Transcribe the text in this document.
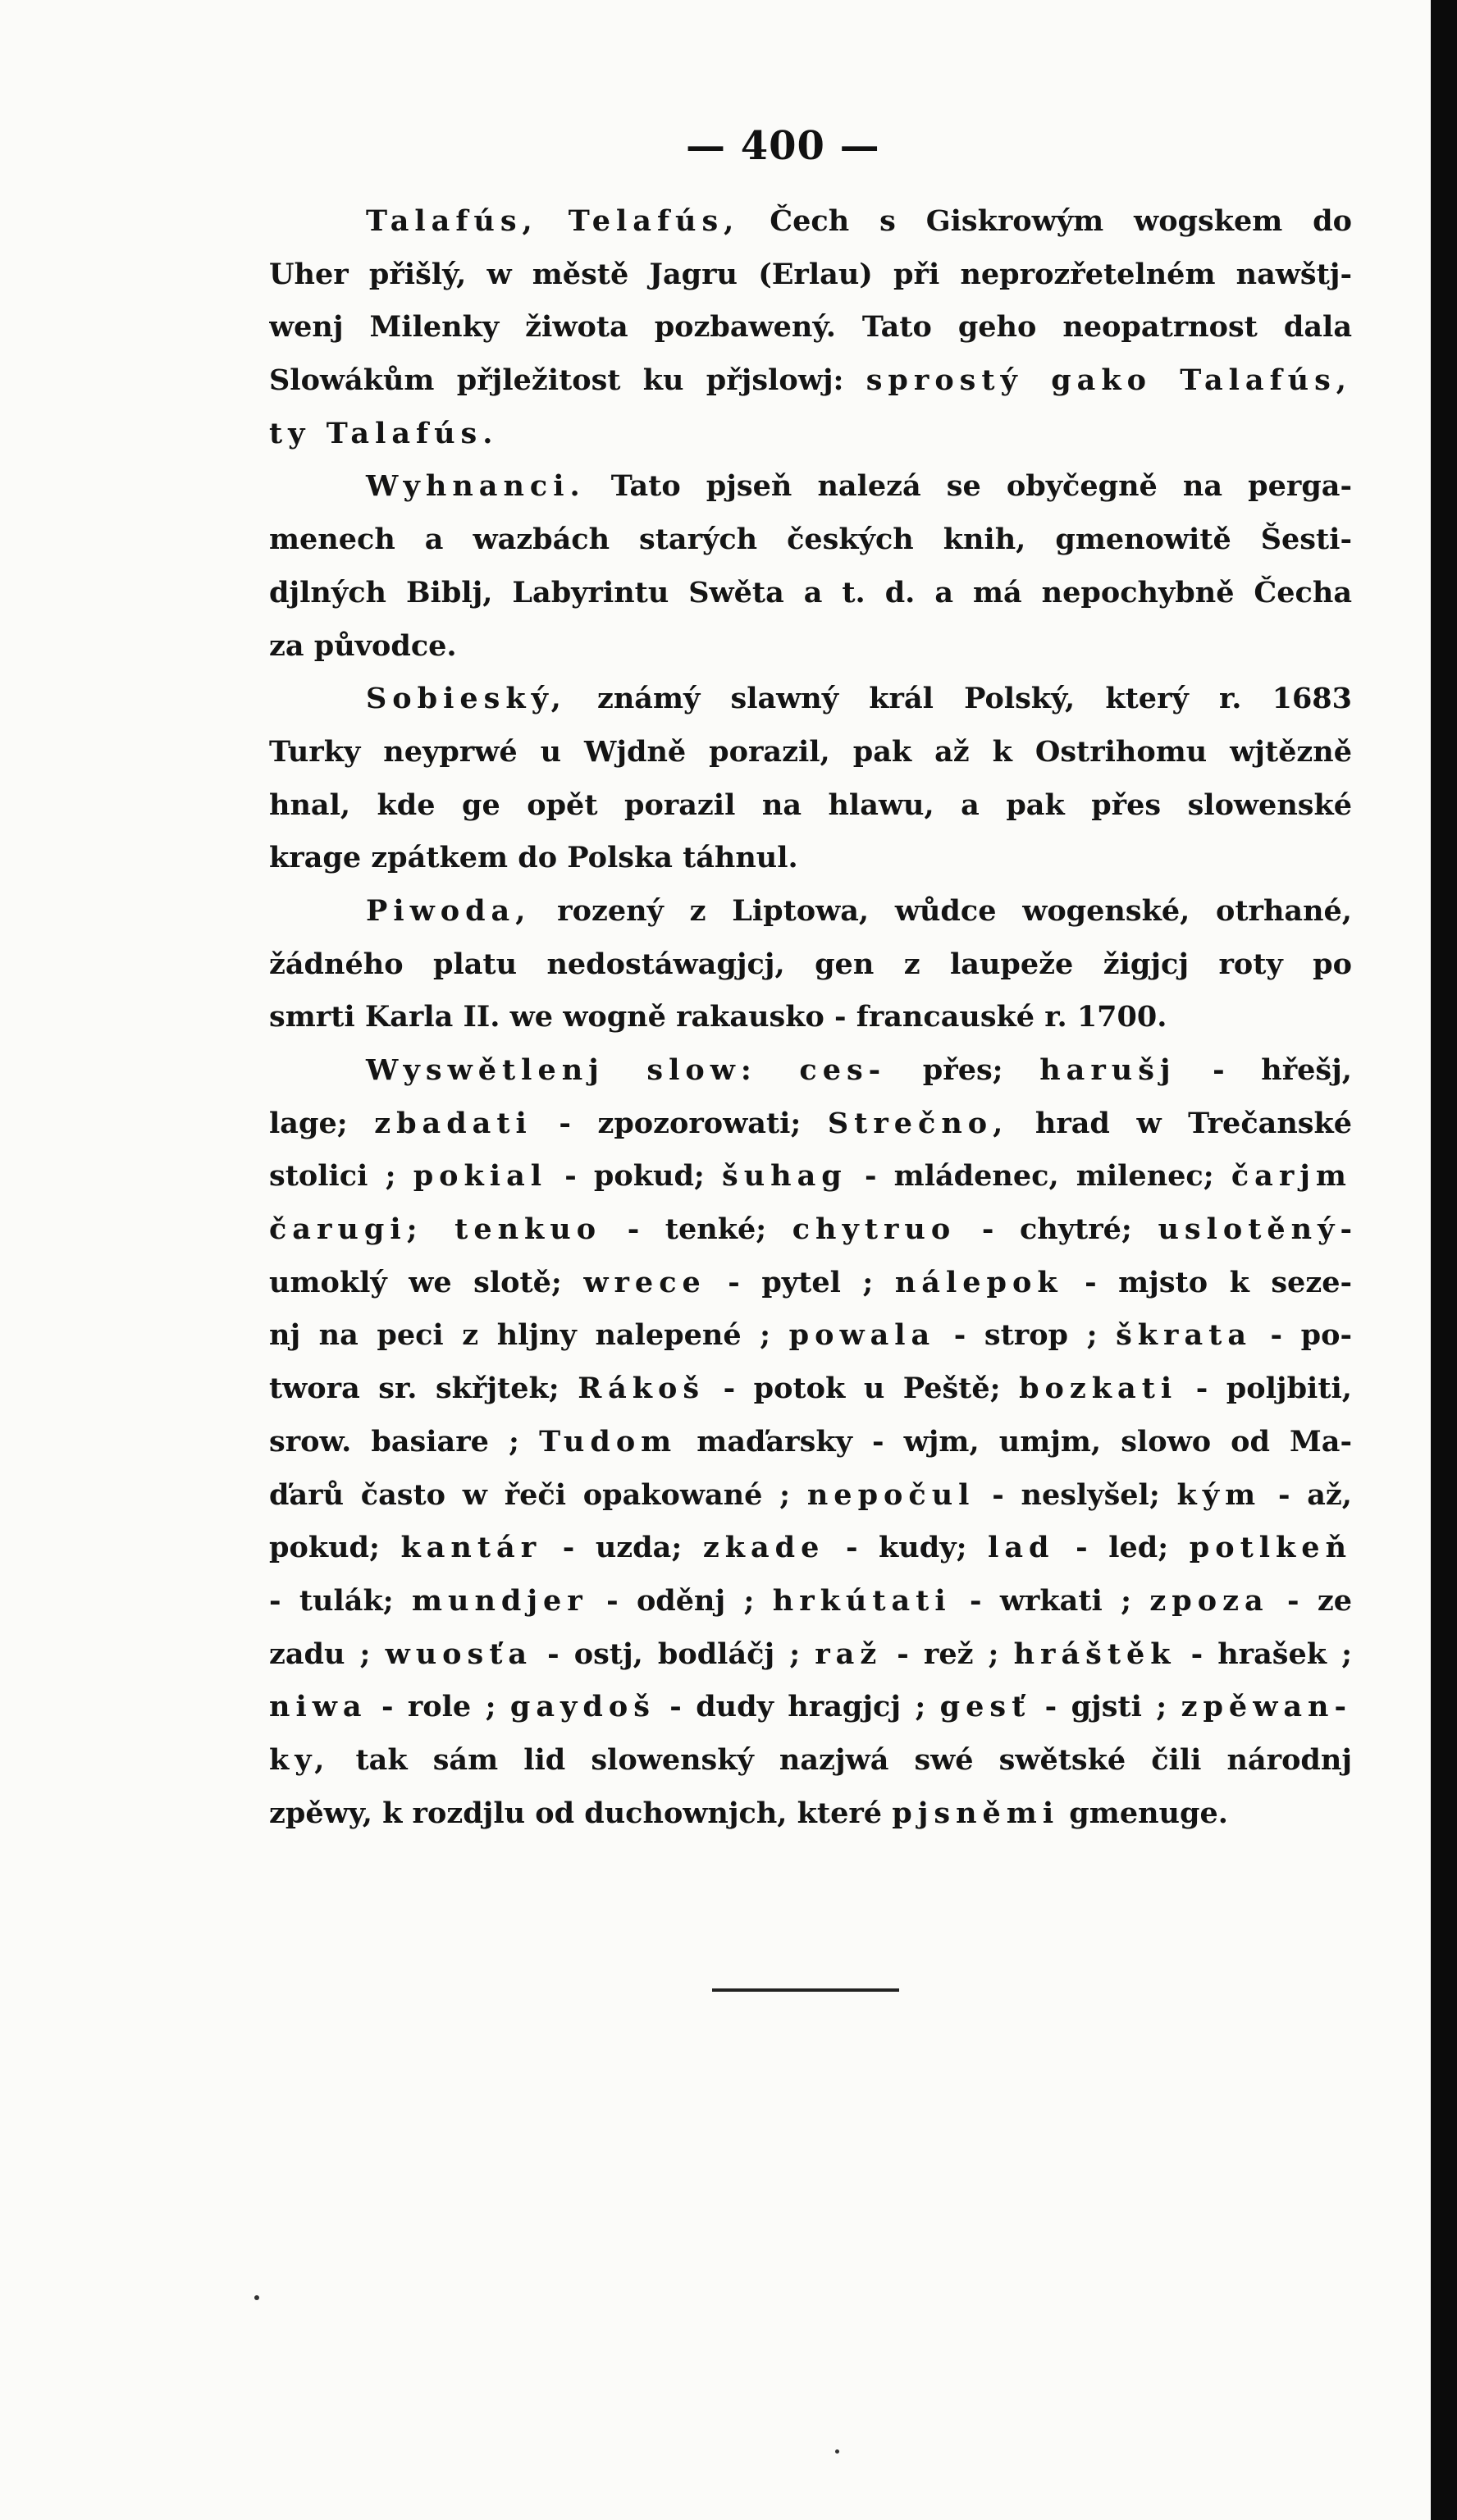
— 400 —
Talafús, Telafús, Čech s Giskrowým wogskem do
Uher přišlý, w městě Jagru (Erlau) při neprozřetelném nawštj-
wenj Milenky žiwota pozbawený. Tato geho neopatrnost dala
Slowákům přjležitost ku přjslowj: sprostý gako Talafús,
ty Talafús.
Wyhnanci. Tato pjseň nalezá se obyčegně na perga-
menech a wazbách starých českých knih, gmenowitě Šesti-
djlných Biblj, Labyrintu Swěta a t. d. a má nepochybně Čecha
za původce.
Sobieský, známý slawný král Polský, který r. 1683
Turky neyprwé u Wjdně porazil, pak až k Ostrihomu wjtězně
hnal, kde ge opět porazil na hlawu, a pak přes slowenské
krage zpátkem do Polska táhnul.
Piwoda, rozený z Liptowa, wůdce wogenské, otrhané,
žádného platu nedostáwagjcj, gen z laupeže žigjcj roty po
smrti Karla II. we wogně rakausko - francauské r. 1700.
Wyswětlenj slow: ces- přes; harušj - hřešj,
lage; zbadati - zpozorowati; Strečno, hrad w Trečanské
stolici ; pokial - pokud; šuhag - mládenec, milenec; čarjm
čarugi; tenkuo - tenké; chytruo - chytré; uslotěný-
umoklý we slotě; wrece - pytel ; nálepok - mjsto k seze-
nj na peci z hljny nalepené ; powala - strop ; škrata - po-
twora sr. skřjtek; Rákoš - potok u Peště; bozkati - poljbiti,
srow. basiare ; Tudom maďarsky - wjm, umjm, slowo od Ma-
ďarů často w řeči opakowané ; nepočul - neslyšel; kým - až,
pokud; kantár - uzda; zkade - kudy; lad - led; potlkeň
- tulák; mundjer - oděnj ; hrkútati - wrkati ; zpoza - ze
zadu ; wuosťa - ostj, bodláčj ; raž - rež ; hráštěk - hrašek ;
niwa - role ; gaydoš - dudy hragjcj ; gesť - gjsti ; zpěwan-
ky, tak sám lid slowenský nazjwá swé swětské čili národnj
zpěwy, k rozdjlu od duchownjch, které pjsněmi gmenuge.
